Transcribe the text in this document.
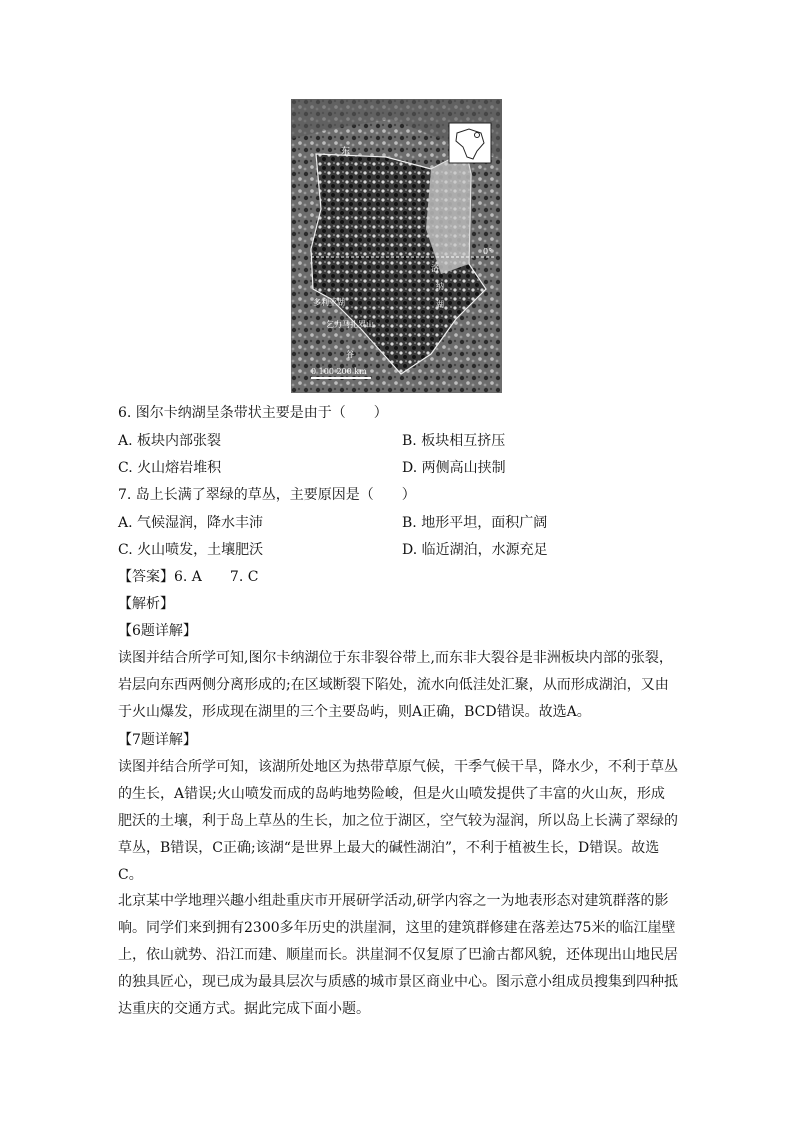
东
多利亚湖
乞力马扎罗山
纳
湖
洛
谷
0°
0 100 200 km
6. 图尔卡纳湖呈条带状主要是由于（　　）
A. 板块内部张裂	B. 板块相互挤压
C. 火山熔岩堆积	D. 两侧高山挟制
7. 岛上长满了翠绿的草丛，主要原因是（　　）
A. 气候湿润，降水丰沛	B. 地形平坦，面积广阔
C. 火山喷发，土壤肥沃	D. 临近湖泊，水源充足
【答案】6. A　　7. C
【解析】
【6题详解】
读图并结合所学可知,图尔卡纳湖位于东非裂谷带上,而东非大裂谷是非洲板块内部的张裂，
岩层向东西两侧分离形成的;在区域断裂下陷处，流水向低洼处汇聚，从而形成湖泊，又由
于火山爆发，形成现在湖里的三个主要岛屿，则A正确，BCD错误。故选A。
【7题详解】
读图并结合所学可知，该湖所处地区为热带草原气候，干季气候干旱，降水少，不利于草丛
的生长，A错误;火山喷发而成的岛屿地势险峻，但是火山喷发提供了丰富的火山灰，形成
肥沃的土壤，利于岛上草丛的生长，加之位于湖区，空气较为湿润，所以岛上长满了翠绿的
草丛，B错误，C正确;该湖“是世界上最大的碱性湖泊”，不利于植被生长，D错误。故选
C。
北京某中学地理兴趣小组赴重庆市开展研学活动,研学内容之一为地表形态对建筑群落的影
响。同学们来到拥有2300多年历史的洪崖洞，这里的建筑群修建在落差达75米的临江崖壁
上，依山就势、沿江而建、顺崖而长。洪崖洞不仅复原了巴渝古都风貌，还体现出山地民居
的独具匠心，现已成为最具层次与质感的城市景区商业中心。图示意小组成员搜集到四种抵
达重庆的交通方式。据此完成下面小题。
